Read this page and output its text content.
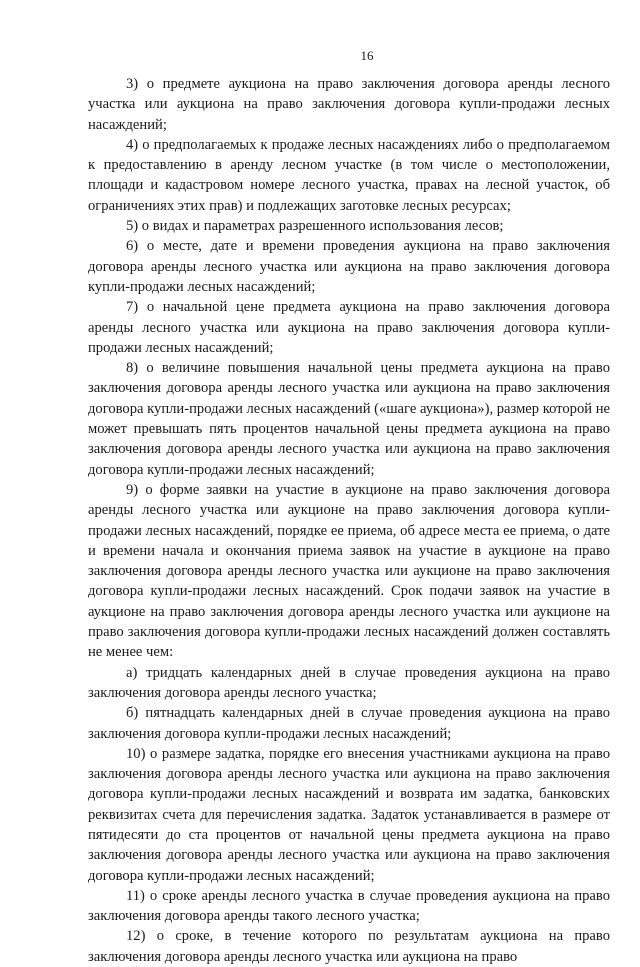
16

3) о предмете аукциона на право заключения договора аренды лесного участка или аукциона на право заключения договора купли-продажи лесных насаждений;

4) о предполагаемых к продаже лесных насаждениях либо о предполагаемом к предоставлению в аренду лесном участке (в том числе о местоположении, площади и кадастровом номере лесного участка, правах на лесной участок, об ограничениях этих прав) и подлежащих заготовке лесных ресурсах;

5) о видах и параметрах разрешенного использования лесов;

6) о месте, дате и времени проведения аукциона на право заключения договора аренды лесного участка или аукциона на право заключения договора купли-продажи лесных насаждений;

7) о начальной цене предмета аукциона на право заключения договора аренды лесного участка или аукциона на право заключения договора купли-продажи лесных насаждений;

8) о величине повышения начальной цены предмета аукциона на право заключения договора аренды лесного участка или аукциона на право заключения договора купли-продажи лесных насаждений («шаге аукциона»), размер которой не может превышать пять процентов начальной цены предмета аукциона на право заключения договора аренды лесного участка или аукциона на право заключения договора купли-продажи лесных насаждений;

9) о форме заявки на участие в аукционе на право заключения договора аренды лесного участка или аукционе на право заключения договора купли-продажи лесных насаждений, порядке ее приема, об адресе места ее приема, о дате и времени начала и окончания приема заявок на участие в аукционе на право заключения договора аренды лесного участка или аукционе на право заключения договора купли-продажи лесных насаждений. Срок подачи заявок на участие в аукционе на право заключения договора аренды лесного участка или аукционе на право заключения договора купли-продажи лесных насаждений должен составлять не менее чем:

а) тридцать календарных дней в случае проведения аукциона на право заключения договора аренды лесного участка;

б) пятнадцать календарных дней в случае проведения аукциона на право заключения договора купли-продажи лесных насаждений;

10) о размере задатка, порядке его внесения участниками аукциона на право заключения договора аренды лесного участка или аукциона на право заключения договора купли-продажи лесных насаждений и возврата им задатка, банковских реквизитах счета для перечисления задатка. Задаток устанавливается в размере от пятидесяти до ста процентов от начальной цены предмета аукциона на право заключения договора аренды лесного участка или аукциона на право заключения договора купли-продажи лесных насаждений;

11) о сроке аренды лесного участка в случае проведения аукциона на право заключения договора аренды такого лесного участка;

12) о сроке, в течение которого по результатам аукциона на право заключения договора аренды лесного участка или аукциона на право
